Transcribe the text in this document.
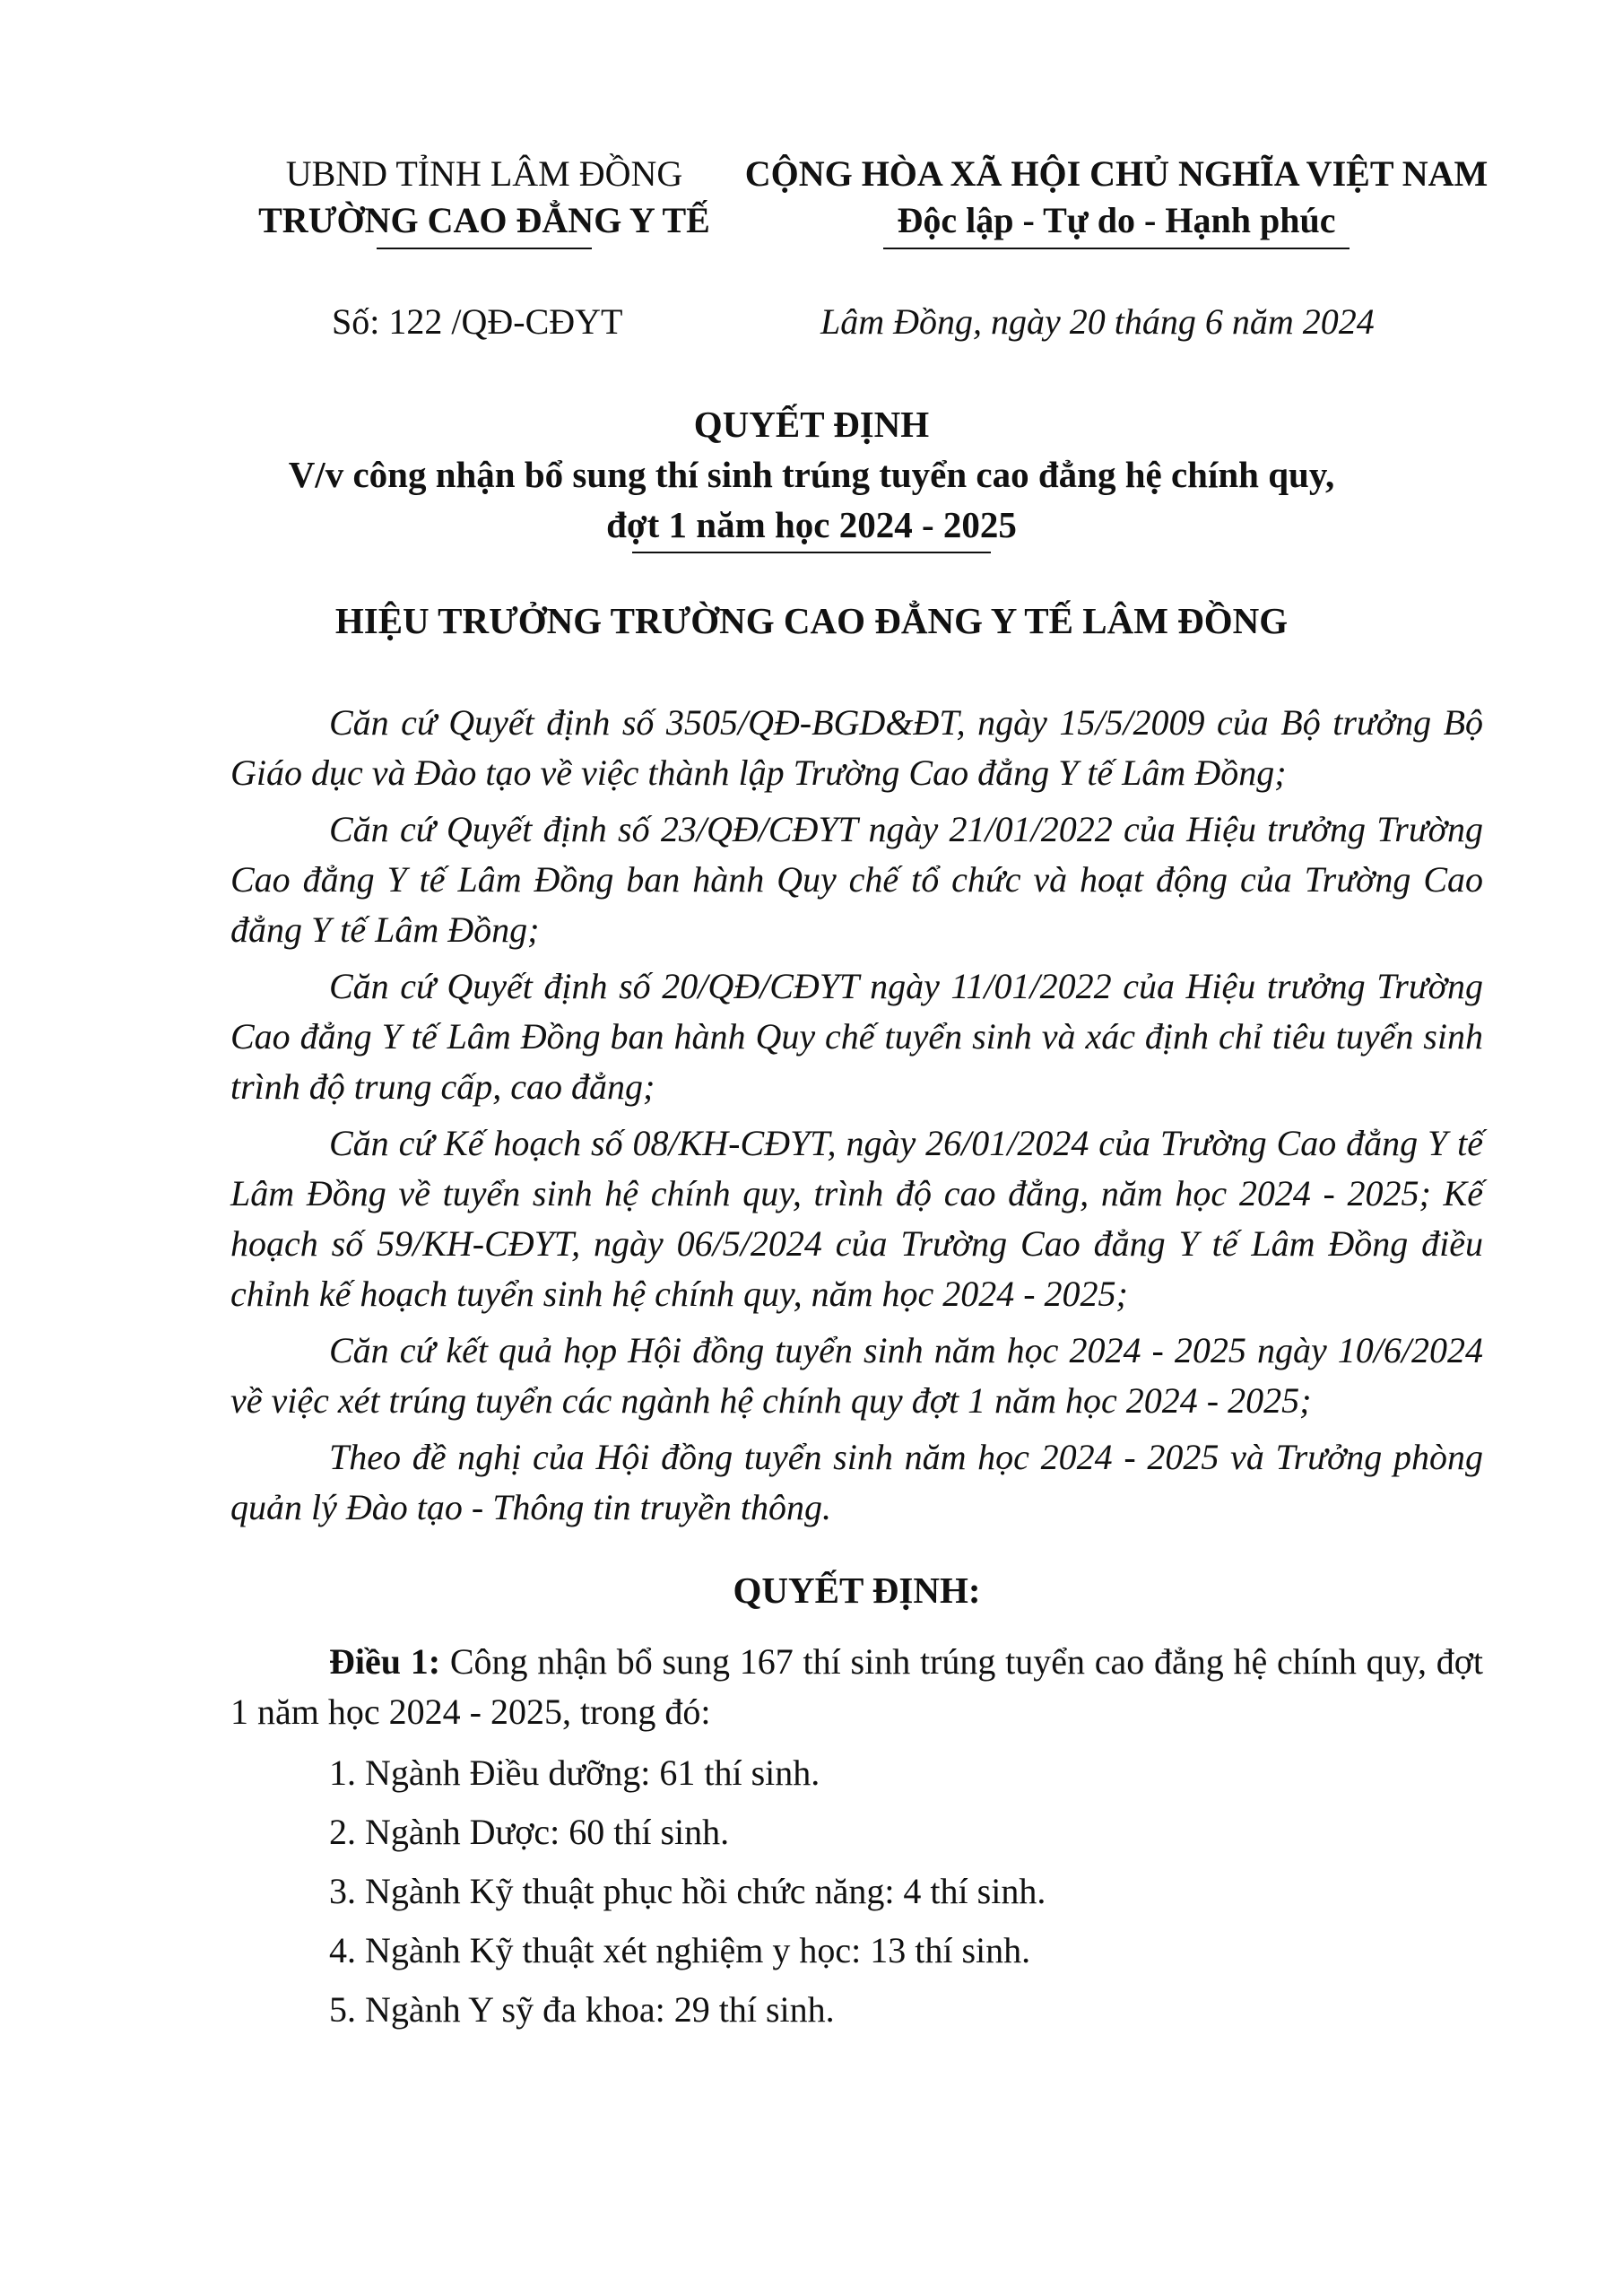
UBND TỈNH LÂM ĐỒNG
TRƯỜNG CAO ĐẲNG Y TẾ
CỘNG HÒA XÃ HỘI CHỦ NGHĨA VIỆT NAM
Độc lập - Tự do - Hạnh phúc
Số: 122 /QĐ-CĐYT	Lâm Đồng, ngày 20 tháng 6 năm 2024
QUYẾT ĐỊNH
V/v công nhận bổ sung thí sinh trúng tuyển cao đẳng hệ chính quy,
đợt 1 năm học 2024 - 2025
HIỆU TRƯỞNG TRƯỜNG CAO ĐẲNG Y TẾ LÂM ĐỒNG

Căn cứ Quyết định số 3505/QĐ-BGD&ĐT, ngày 15/5/2009 của Bộ trưởng Bộ Giáo dục và Đào tạo về việc thành lập Trường Cao đẳng Y tế Lâm Đồng;

Căn cứ Quyết định số 23/QĐ/CĐYT ngày 21/01/2022 của Hiệu trưởng Trường Cao đẳng Y tế Lâm Đồng ban hành Quy chế tổ chức và hoạt động của Trường Cao đẳng Y tế Lâm Đồng;

Căn cứ Quyết định số 20/QĐ/CĐYT ngày 11/01/2022 của Hiệu trưởng Trường Cao đẳng Y tế Lâm Đồng ban hành Quy chế tuyển sinh và xác định chỉ tiêu tuyển sinh trình độ trung cấp, cao đẳng;

Căn cứ Kế hoạch số 08/KH-CĐYT, ngày 26/01/2024 của Trường Cao đẳng Y tế Lâm Đồng về tuyển sinh hệ chính quy, trình độ cao đẳng, năm học 2024 - 2025; Kế hoạch số 59/KH-CĐYT, ngày 06/5/2024 của Trường Cao đẳng Y tế Lâm Đồng điều chỉnh kế hoạch tuyển sinh hệ chính quy, năm học 2024 - 2025;

Căn cứ kết quả họp Hội đồng tuyển sinh năm học 2024 - 2025 ngày 10/6/2024 về việc xét trúng tuyển các ngành hệ chính quy đợt 1 năm học 2024 - 2025;

Theo đề nghị của Hội đồng tuyển sinh năm học 2024 - 2025 và Trưởng phòng quản lý Đào tạo - Thông tin truyền thông.

QUYẾT ĐỊNH:

Điều 1: Công nhận bổ sung 167 thí sinh trúng tuyển cao đẳng hệ chính quy, đợt 1 năm học 2024 - 2025, trong đó:

1. Ngành Điều dưỡng: 61 thí sinh.
2. Ngành Dược: 60 thí sinh.
3. Ngành Kỹ thuật phục hồi chức năng: 4 thí sinh.
4. Ngành Kỹ thuật xét nghiệm y học: 13 thí sinh.
5. Ngành Y sỹ đa khoa: 29 thí sinh.
